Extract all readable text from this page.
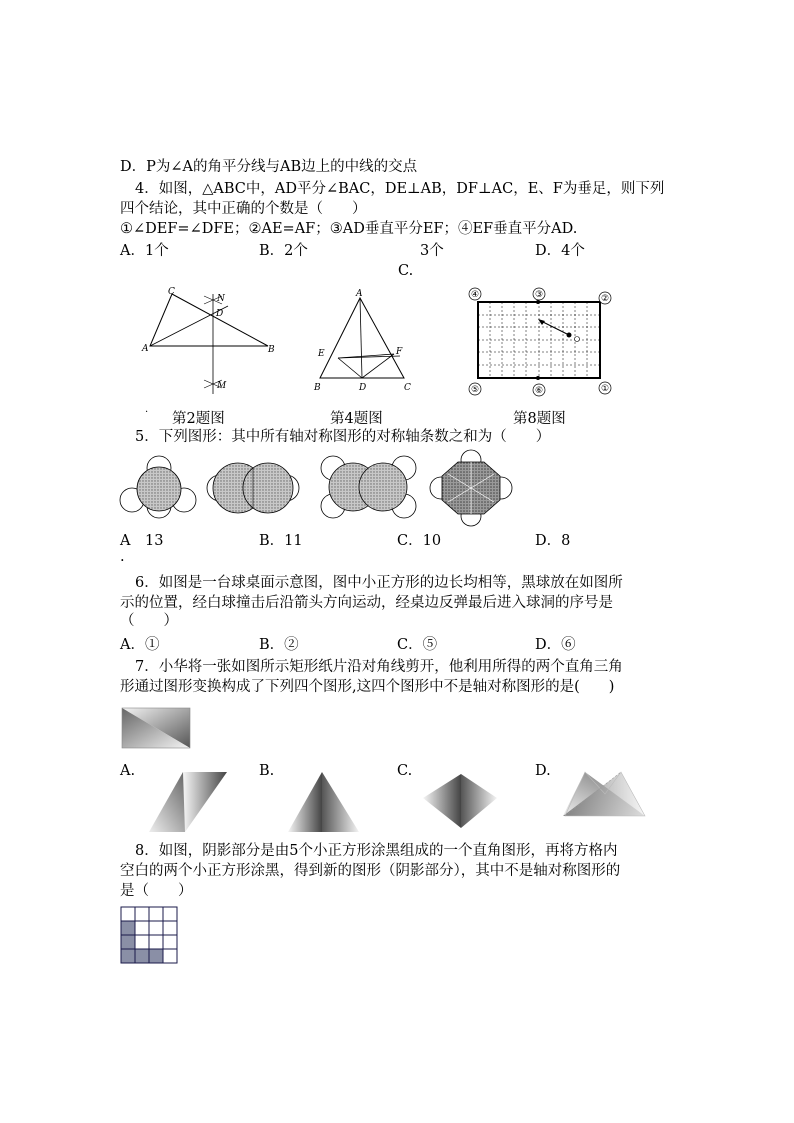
D．P为∠A的角平分线与AB边上的中线的交点
4．如图，△ABC中，AD平分∠BAC，DE⊥AB，DF⊥AC，E、F为垂足，则下列
四个结论，其中正确的个数是（　　）
①∠DEF=∠DFE；②AE=AF；③AD垂直平分EF；④EF垂直平分AD.
A．1个	B．2个	3个	D．4个
C.
C
N
D
A	B
M
A
E	F
B	D	C
④	③	②
⑤	⑥	①
.
第2题图	第4题图	第8题图
5．下列图形：其中所有轴对称图形的对称轴条数之和为（　　）
A　13	B．11	C．10	D．8
.
6．如图是一台球桌面示意图，图中小正方形的边长均相等，黑球放在如图所
示的位置，经白球撞击后沿箭头方向运动，经桌边反弹最后进入球洞的序号是
（　　）
A．①	B．②	C．⑤	D．⑥
7．小华将一张如图所示矩形纸片沿对角线剪开，他利用所得的两个直角三角
形通过图形变换构成了下列四个图形,这四个图形中不是轴对称图形的是(　　)
A.	B.	C.	D.
8．如图，阴影部分是由5个小正方形涂黑组成的一个直角图形，再将方格内
空白的两个小正方形涂黑，得到新的图形（阴影部分），其中不是轴对称图形的
是（　　）
